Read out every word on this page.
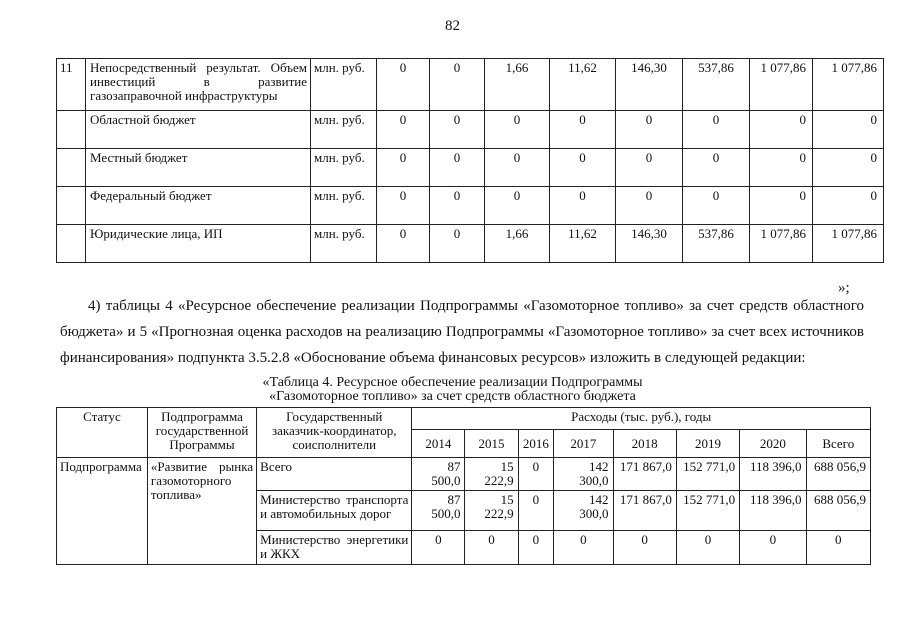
82
11	Непосредственный результат. Объем инвестиций в развитие газозаправочной инфраструктуры	млн. руб.	0	0	1,66	11,62	146,30	537,86	1 077,86	1 077,86
	Областной бюджет	млн. руб.	0	0	0	0	0	0	0	0
	Местный бюджет	млн. руб.	0	0	0	0	0	0	0	0
	Федеральный бюджет	млн. руб.	0	0	0	0	0	0	0	0
	Юридические лица, ИП	млн. руб.	0	0	1,66	11,62	146,30	537,86	1 077,86	1 077,86
»;
4) таблицы 4 «Ресурсное обеспечение реализации Подпрограммы «Газомоторное топливо» за счет средств областного бюджета» и 5 «Прогнозная оценка расходов на реализацию Подпрограммы «Газомоторное топливо» за счет всех источников финансирования» подпункта 3.5.2.8 «Обоснование объема финансовых ресурсов» изложить в следующей редакции:
«Таблица 4. Ресурсное обеспечение реализации Подпрограммы
«Газомоторное топливо» за счет средств областного бюджета
Статус	Подпрограмма государственной Программы	Государственный заказчик-координатор, соисполнители	Расходы (тыс. руб.), годы							
			2014	2015	2016	2017	2018	2019	2020	Всего
Подпрограмма	«Развитие рынка газомоторного топлива»	Всего	87 500,0	15 222,9	0	142 300,0	171 867,0	152 771,0	118 396,0	688 056,9
		Министерство транспорта и автомобильных дорог	87 500,0	15 222,9	0	142 300,0	171 867,0	152 771,0	118 396,0	688 056,9
		Министерство энергетики и ЖКХ	0	0	0	0	0	0	0	0
